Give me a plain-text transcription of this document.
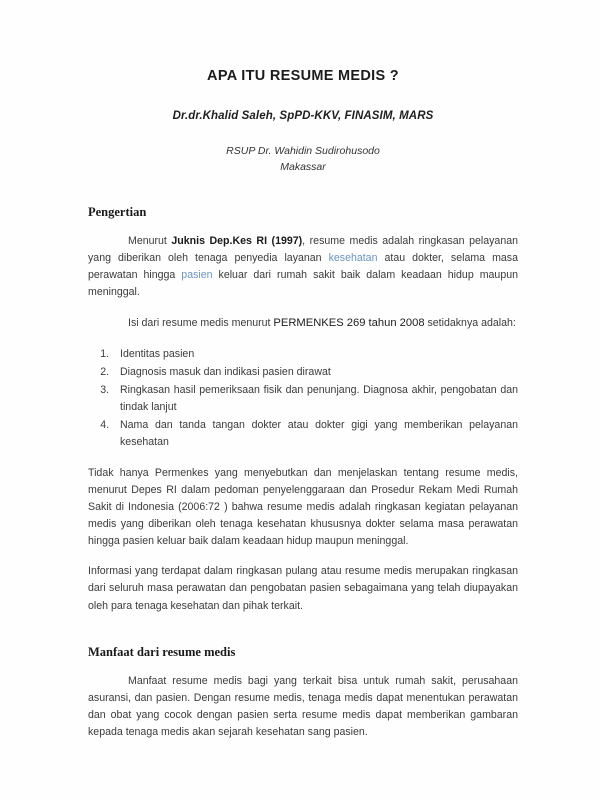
APA ITU RESUME MEDIS ?
Dr.dr.Khalid Saleh, SpPD-KKV, FINASIM, MARS
RSUP Dr. Wahidin Sudirohusodo
Makassar
Pengertian

Menurut Juknis Dep.Kes RI (1997), resume medis adalah ringkasan pelayanan yang diberikan oleh tenaga penyedia layanan kesehatan atau dokter, selama masa perawatan hingga pasien keluar dari rumah sakit baik dalam keadaan hidup maupun meninggal.

Isi dari resume medis menurut PERMENKES 269 tahun 2008 setidaknya adalah:

1. Identitas pasien
2. Diagnosis masuk dan indikasi pasien dirawat
3. Ringkasan hasil pemeriksaan fisik dan penunjang. Diagnosa akhir, pengobatan dan tindak lanjut
4. Nama dan tanda tangan dokter atau dokter gigi yang memberikan pelayanan kesehatan

Tidak hanya Permenkes yang menyebutkan dan menjelaskan tentang resume medis, menurut Depes RI dalam pedoman penyelenggaraan dan Prosedur Rekam Medi Rumah Sakit di Indonesia (2006:72 ) bahwa resume medis adalah ringkasan kegiatan pelayanan medis yang diberikan oleh tenaga kesehatan khususnya dokter selama masa perawatan hingga pasien keluar baik dalam keadaan hidup maupun meninggal.

Informasi yang terdapat dalam ringkasan pulang atau resume medis merupakan ringkasan dari seluruh masa perawatan dan pengobatan pasien sebagaimana yang telah diupayakan oleh para tenaga kesehatan dan pihak terkait.

Manfaat dari resume medis

Manfaat resume medis bagi yang terkait bisa untuk rumah sakit, perusahaan asuransi, dan pasien. Dengan resume medis, tenaga medis dapat menentukan perawatan dan obat yang cocok dengan pasien serta resume medis dapat memberikan gambaran kepada tenaga medis akan sejarah kesehatan sang pasien.
